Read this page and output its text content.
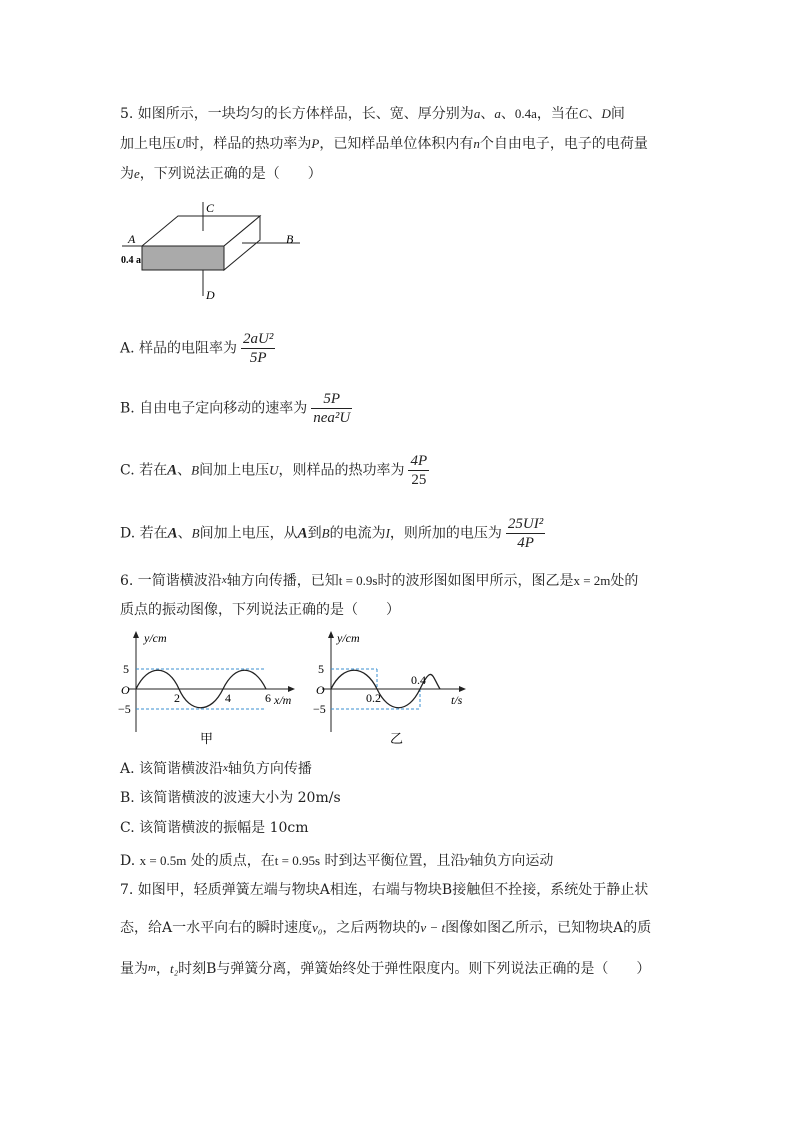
5. 如图所示，一块均匀的长方体样品，长、宽、厚分别为a、a、0.4a，当在C、D间
加上电压U时，样品的热功率为P，已知样品单位体积内有n个自由电子，电子的电荷量
为e，下列说法正确的是（　　）
C
D
B
A
0.4 a
A. 样品的电阻率为 $\frac{\text{2aU²}}{5P}$
B. 自由电子定向移动的速率为 $\frac{5P}{\text{nea²U}}$
C. 若在A、B间加上电压U，则样品的热功率为 $\frac{4P}{25}$
D. 若在A、B间加上电压，从A到B的电流为I，则所加的电压为 $\frac{\text{25UI²}}{4P}$
6. 一简谐横波沿x轴方向传播，已知t = 0.9s时的波形图如图甲所示，图乙是x = 2m处的
质点的振动图像，下列说法正确的是（　　）
y/cm
5
O
−5
2	4	6 x/m
甲
y/cm
5
O
−5
0.2
0.4
t/s
乙
A. 该简谐横波沿x轴负方向传播
B. 该简谐横波的波速大小为 20m/s
C. 该简谐横波的振幅是 10cm
D. x = 0.5m 处的质点，在t = 0.95s 时到达平衡位置，且沿y轴负方向运动
7. 如图甲，轻质弹簧左端与物块A相连，右端与物块B接触但不拴接，系统处于静止状
态，给A一水平向右的瞬时速度v₀，之后两物块的v − t图像如图乙所示，已知物块A的质
量为m，t₂时刻B与弹簧分离，弹簧始终处于弹性限度内。则下列说法正确的是（　　）
